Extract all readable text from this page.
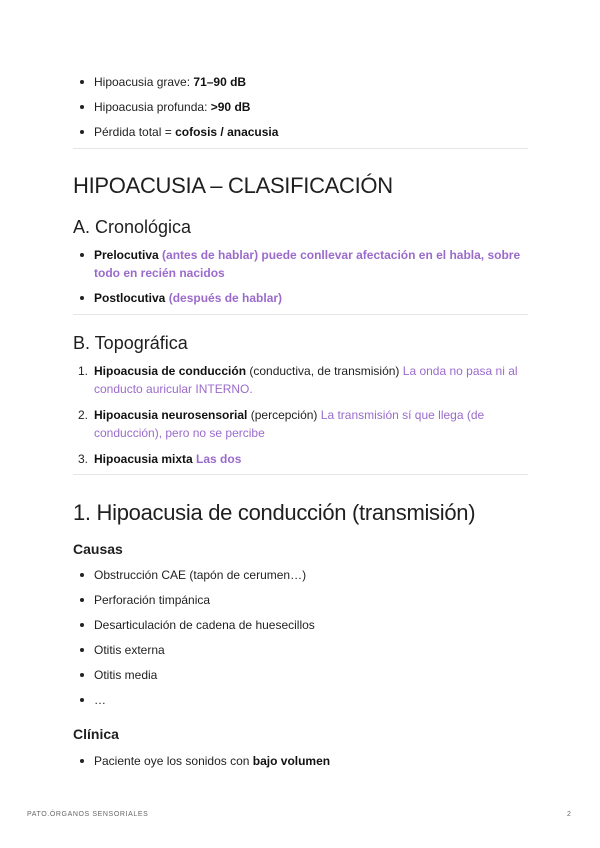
Hipoacusia grave: 71–90 dB
Hipoacusia profunda: >90 dB
Pérdida total = cofosis / anacusia
HIPOACUSIA – CLASIFICACIÓN
A. Cronológica
Prelocutiva (antes de hablar) puede conllevar afectación en el habla, sobre todo en recién nacidos
Postlocutiva (después de hablar)
B. Topográfica
1. Hipoacusia de conducción (conductiva, de transmisión) La onda no pasa ni al conducto auricular INTERNO.
2. Hipoacusia neurosensorial (percepción) La transmisión sí que llega (de conducción), pero no se percibe
3. Hipoacusia mixta Las dos
1. Hipoacusia de conducción (transmisión)
Causas
Obstrucción CAE (tapón de cerumen…)
Perforación timpánica
Desarticulación de cadena de huesecillos
Otitis externa
Otitis media
…
Clínica
Paciente oye los sonidos con bajo volumen
PATO.ÓRGANOS SENSORIALES	2
